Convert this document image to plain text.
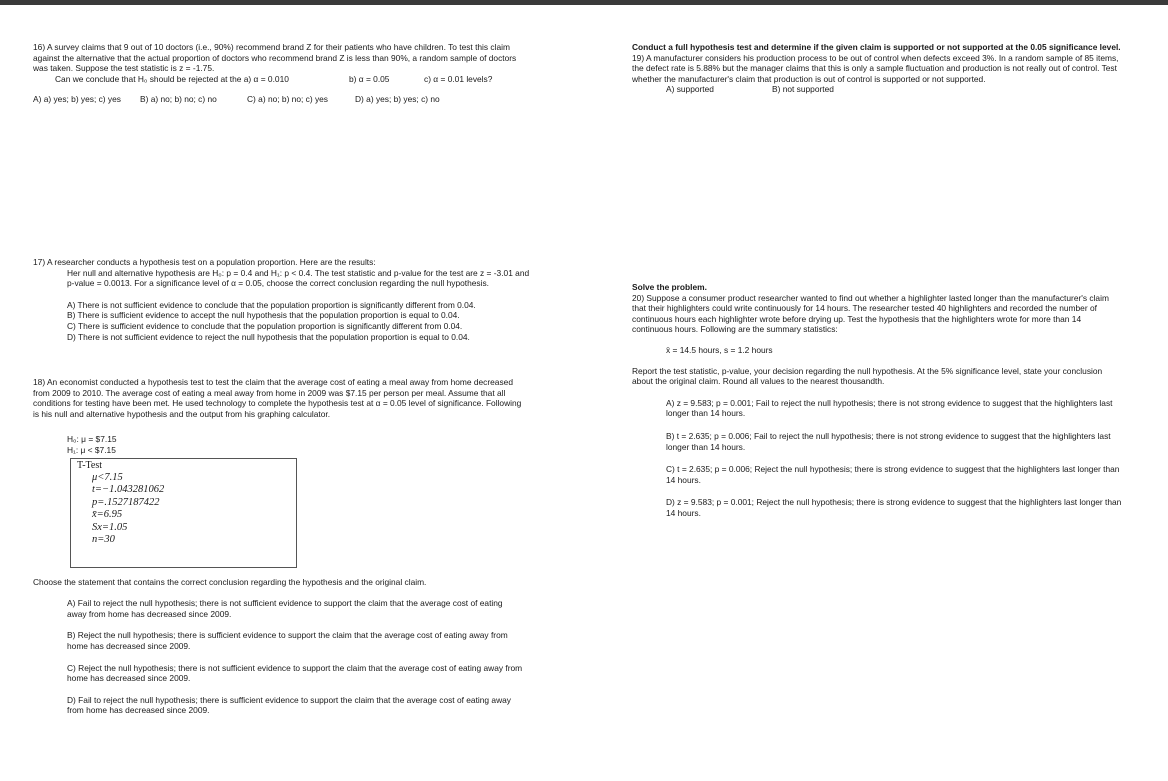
16) A survey claims that 9 out of 10 doctors (i.e., 90%) recommend brand Z for their patients who have children. To test this claim

against the alternative that the actual proportion of doctors who recommend brand Z is less than 90%, a random sample of doctors

was taken. Suppose the test statistic is z = -1.75.

Can we conclude that H₀ should be rejected at the a) α = 0.010	b) α = 0.05	c) α = 0.01 levels?
A) a) yes; b) yes; c) yes	B) a) no; b) no; c) no	C) a) no; b) no; c) yes	D) a) yes; b) yes; c) no

17) A researcher conducts a hypothesis test on a population proportion. Here are the results:

Her null and alternative hypothesis are H₀: p = 0.4 and H₁: p < 0.4. The test statistic and p-value for the test are z = -3.01 and

p-value = 0.0013. For a significance level of α = 0.05, choose the correct conclusion regarding the null hypothesis.

A) There is not sufficient evidence to conclude that the population proportion is significantly different from 0.04.

B) There is sufficient evidence to accept the null hypothesis that the population proportion is equal to 0.04.

C) There is sufficient evidence to conclude that the population proportion is significantly different from 0.04.

D) There is not sufficient evidence to reject the null hypothesis that the population proportion is equal to 0.04.

18) An economist conducted a hypothesis test to test the claim that the average cost of eating a meal away from home decreased

from 2009 to 2010. The average cost of eating a meal away from home in 2009 was $7.15 per person per meal. Assume that all

conditions for testing have been met. He used technology to complete the hypothesis test at α = 0.05 level of significance. Following

is his null and alternative hypothesis and the output from his graphing calculator.

H₀: μ = $7.15

H₁: μ < $7.15

T-Test
μ<7.15
t=−1.043281062
p=.1527187422
x̄=6.95
Sx=1.05
n=30

Choose the statement that contains the correct conclusion regarding the hypothesis and the original claim.

A) Fail to reject the null hypothesis; there is not sufficient evidence to support the claim that the average cost of eating

away from home has decreased since 2009.

B) Reject the null hypothesis; there is sufficient evidence to support the claim that the average cost of eating away from

home has decreased since 2009.

C) Reject the null hypothesis; there is not sufficient evidence to support the claim that the average cost of eating away from

home has decreased since 2009.

D) Fail to reject the null hypothesis; there is sufficient evidence to support the claim that the average cost of eating away

from home has decreased since 2009.

Conduct a full hypothesis test and determine if the given claim is supported or not supported at the 0.05 significance level.

19) A manufacturer considers his production process to be out of control when defects exceed 3%. In a random sample of 85 items,

the defect rate is 5.88% but the manager claims that this is only a sample fluctuation and production is not really out of control. Test

whether the manufacturer's claim that production is out of control is supported or not supported.

A) supported	B) not supported

Solve the problem.

20) Suppose a consumer product researcher wanted to find out whether a highlighter lasted longer than the manufacturer's claim

that their highlighters could write continuously for 14 hours. The researcher tested 40 highlighters and recorded the number of

continuous hours each highlighter wrote before drying up. Test the hypothesis that the highlighters wrote for more than 14

continuous hours. Following are the summary statistics:

x̄ = 14.5 hours, s = 1.2 hours

Report the test statistic, p-value, your decision regarding the null hypothesis. At the 5% significance level, state your conclusion

about the original claim. Round all values to the nearest thousandth.

A) z = 9.583; p = 0.001; Fail to reject the null hypothesis; there is not strong evidence to suggest that the highlighters last

longer than 14 hours.

B) t = 2.635; p = 0.006; Fail to reject the null hypothesis; there is not strong evidence to suggest that the highlighters last

longer than 14 hours.

C) t = 2.635; p = 0.006; Reject the null hypothesis; there is strong evidence to suggest that the highlighters last longer than

14 hours.

D) z = 9.583; p = 0.001; Reject the null hypothesis; there is strong evidence to suggest that the highlighters last longer than

14 hours.
